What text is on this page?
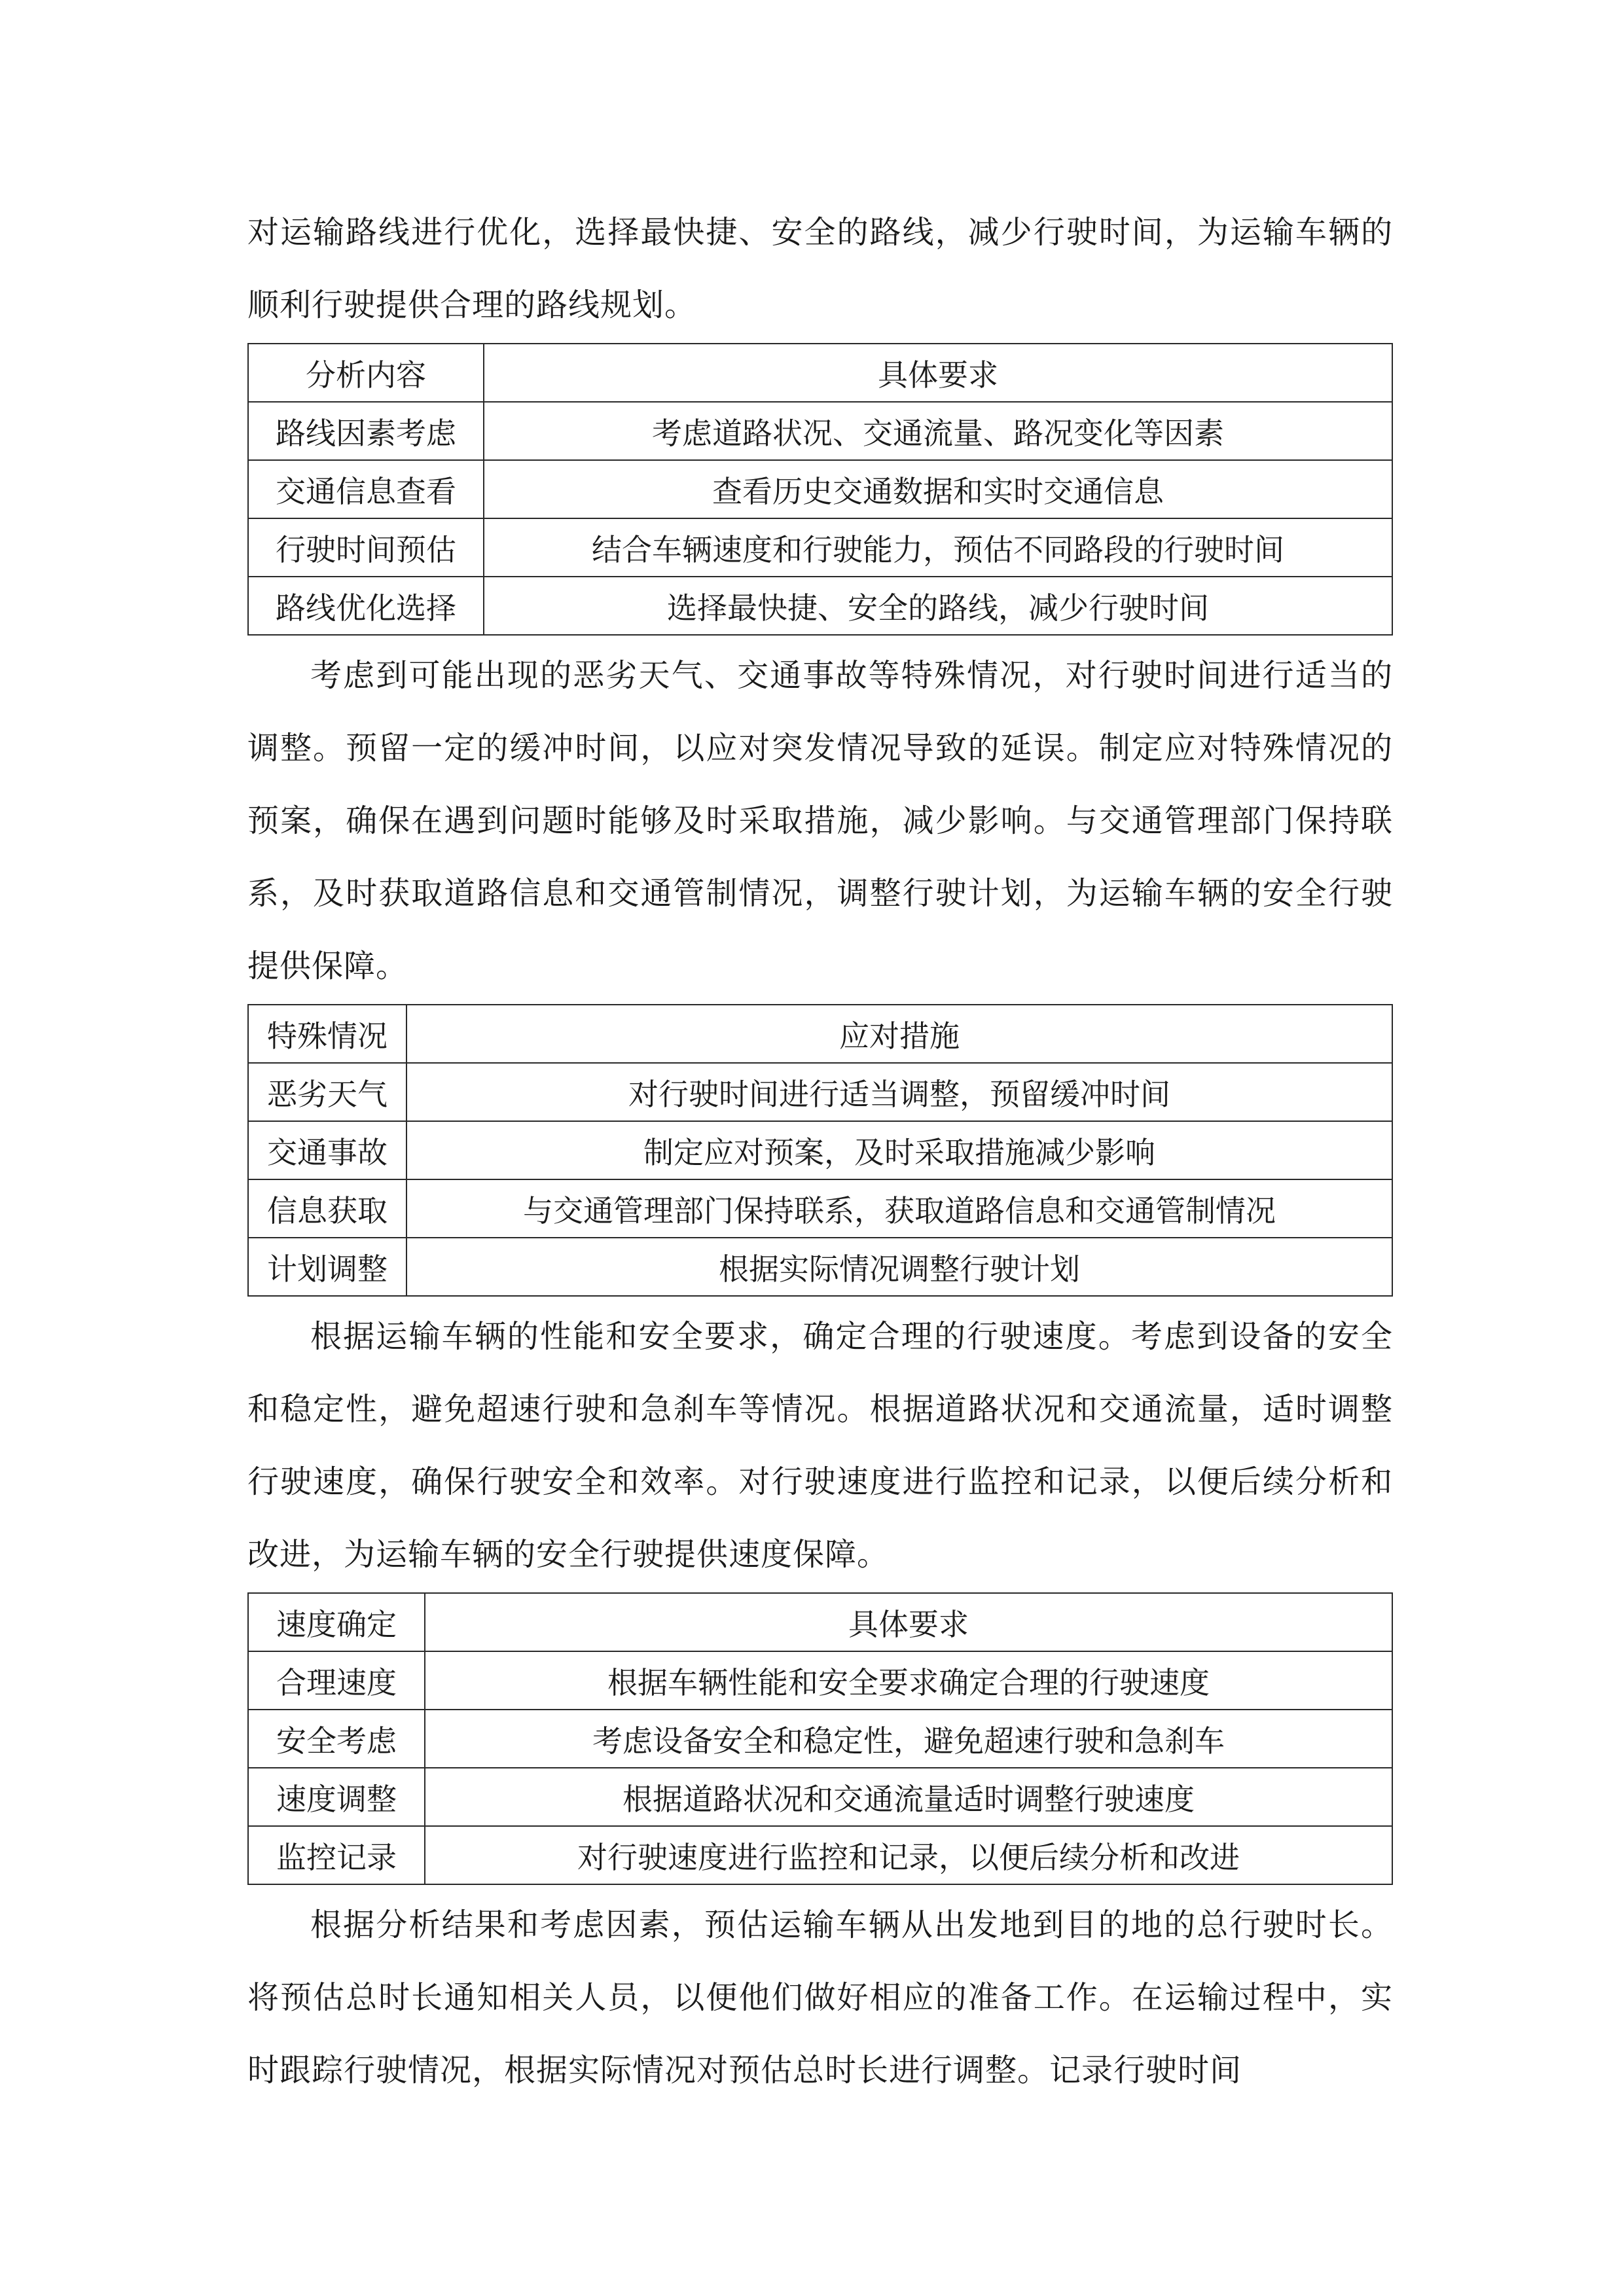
对运输路线进行优化，选择最快捷、安全的路线，减少行驶时间，为运输车辆的顺利行驶提供合理的路线规划。

分析内容	具体要求
路线因素考虑	考虑道路状况、交通流量、路况变化等因素
交通信息查看	查看历史交通数据和实时交通信息
行驶时间预估	结合车辆速度和行驶能力，预估不同路段的行驶时间
路线优化选择	选择最快捷、安全的路线，减少行驶时间

考虑到可能出现的恶劣天气、交通事故等特殊情况，对行驶时间进行适当的调整。预留一定的缓冲时间，以应对突发情况导致的延误。制定应对特殊情况的预案，确保在遇到问题时能够及时采取措施，减少影响。与交通管理部门保持联系，及时获取道路信息和交通管制情况，调整行驶计划，为运输车辆的安全行驶提供保障。

特殊情况	应对措施
恶劣天气	对行驶时间进行适当调整，预留缓冲时间
交通事故	制定应对预案，及时采取措施减少影响
信息获取	与交通管理部门保持联系，获取道路信息和交通管制情况
计划调整	根据实际情况调整行驶计划

根据运输车辆的性能和安全要求，确定合理的行驶速度。考虑到设备的安全和稳定性，避免超速行驶和急刹车等情况。根据道路状况和交通流量，适时调整行驶速度，确保行驶安全和效率。对行驶速度进行监控和记录，以便后续分析和改进，为运输车辆的安全行驶提供速度保障。

速度确定	具体要求
合理速度	根据车辆性能和安全要求确定合理的行驶速度
安全考虑	考虑设备安全和稳定性，避免超速行驶和急刹车
速度调整	根据道路状况和交通流量适时调整行驶速度
监控记录	对行驶速度进行监控和记录，以便后续分析和改进

根据分析结果和考虑因素，预估运输车辆从出发地到目的地的总行驶时长。将预估总时长通知相关人员，以便他们做好相应的准备工作。在运输过程中，实时跟踪行驶情况，根据实际情况对预估总时长进行调整。记录行驶时间
